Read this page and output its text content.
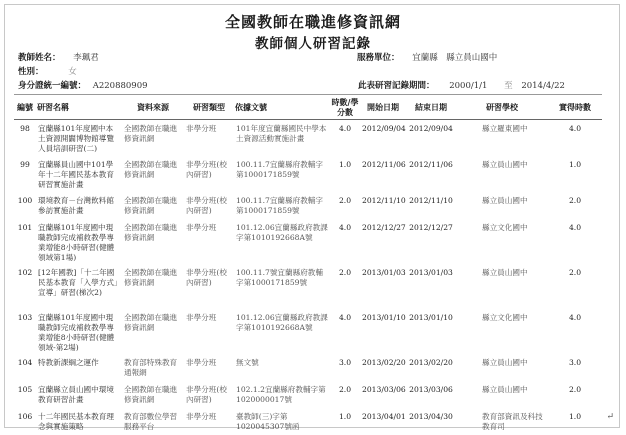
全國教師在職進修資訊網
教師個人研習記錄
教師姓名： 李珮君	服務單位： 宜蘭縣　縣立員山國中
性別：	女
身分證統一編號： A220880909	此表研習記錄期間： 2000/1/1 至 2014/4/22
編號	研習名稱	資料來源	研習類型	依據文號	時數/學分數	開始日期	結束日期	研習學校	實得時數
98	宜蘭縣101年度國中本土資源開闢博物館導覽人員培訓研習(二)	全國教師在職進修資訊網	非學分班	101年度宜蘭縣國民中學本土資源活動實施計畫	4.0	2012/09/04	2012/09/04	縣立羅東國中	4.0
99	宜蘭縣員山國中101學年十二年國民基本教育研習實施計畫	全國教師在職進修資訊網	非學分班(校內研習)	100.11.7宜蘭縣府教輔字第1000171859號	1.0	2012/11/06	2012/11/06	縣立員山國中	1.0
100	環境教育－台灣飲料館參訪實施計畫	全國教師在職進修資訊網	非學分班(校內研習)	100.11.7宜蘭縣府教輔字第1000171859號	2.0	2012/11/10	2012/11/10	縣立員山國中	2.0
101	宜蘭縣101年度國中現職教師完成補救教學專業增能8小時研習(健體領域第1場)	全國教師在職進修資訊網	非學分班	101.12.06宜蘭縣政府教課字第1010192668A號	4.0	2012/12/27	2012/12/27	縣立文化國中	4.0
102	[12年國教]「十二年國民基本教育「入學方式」宣導」研習(梯次2)	全國教師在職進修資訊網	非學分班(校內研習)	100.11.7號宜蘭縣府教輔字第1000171859號	2.0	2013/01/03	2013/01/03	縣立員山國中	2.0
103	宜蘭縣101年度國中現職教師完成補救教學專業增能8小時研習(健體領域-第2場)	全國教師在職進修資訊網	非學分班	101.12.06宜蘭縣政府教課字第1010192668A號	4.0	2013/01/10	2013/01/10	縣立文化國中	4.0
104	特教新課綱之運作	教育部特殊教育通報網	非學分班	無文號	3.0	2013/02/20	2013/02/20	縣立員山國中	3.0
105	宜蘭縣立員山國中環境教育研習計畫	全國教師在職進修資訊網	非學分班(校內研習)	102.1.2宜蘭縣府教輔字第1020000017號	2.0	2013/03/06	2013/03/06	縣立員山國中	2.0
106	十二年國民基本教育理念與實施策略	教育部數位學習服務平台	非學分班	臺教師(三)字第1020045307號函	1.0	2013/04/01	2013/04/30	教育部資訊及科技教育司	1.0	↵
